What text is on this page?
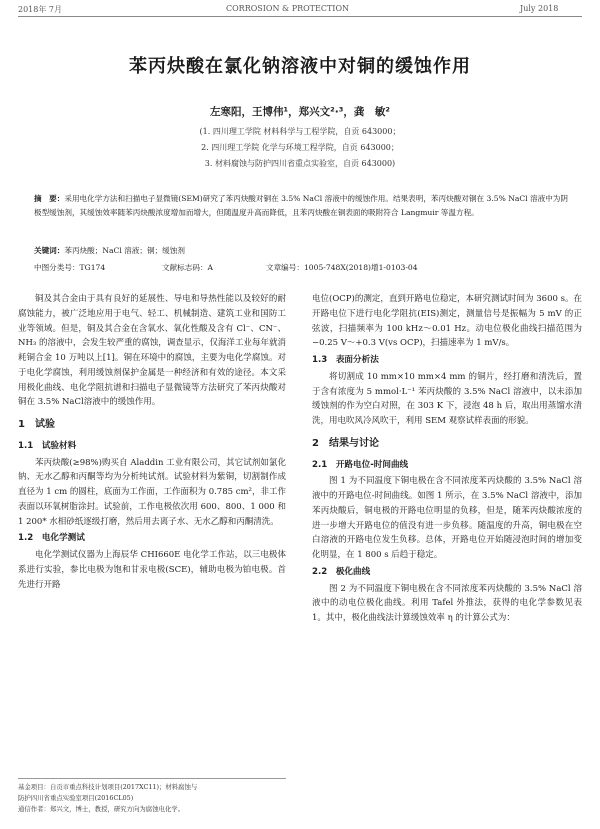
2018年 7月	CORROSION & PROTECTION	July 2018
苯丙炔酸在氯化钠溶液中对铜的缓蚀作用
左寒阳，王博伟¹，郑兴文²·³，龚　敏²
(1. 四川理工学院 材料科学与工程学院，自贡 643000；
2. 四川理工学院 化学与环境工程学院，自贡 643000；
3. 材料腐蚀与防护四川省重点实验室，自贡 643000)
摘　要：采用电化学方法和扫描电子显微镜(SEM)研究了苯丙炔酸对铜在 3.5% NaCl 溶液中的缓蚀作用。结果表明，苯丙炔酸对铜在 3.5% NaCl 溶液中为阴极型缓蚀剂，其缓蚀效率随苯丙炔酸浓度增加而增大，但随温度升高而降低，且苯丙炔酸在铜表面的吸附符合 Langmuir 等温方程。
关键词：苯丙炔酸；NaCl 溶液；铜；缓蚀剂
中图分类号：TG174	文献标志码：A	文章编号：1005-748X(2018)增1-0103-04

铜及其合金由于具有良好的延展性、导电和导热性能以及较好的耐腐蚀能力，被广泛地应用于电气、轻工、机械制造、建筑工业和国防工业等领域。但是，铜及其合金在含氧水、氧化性酸及含有 Cl⁻、CN⁻、NH₃ 的溶液中，会发生较严重的腐蚀，调查显示，仅海洋工业每年就消耗铜合金 10 万吨以上[1]。铜在环境中的腐蚀，主要为电化学腐蚀。对于电化学腐蚀，利用缓蚀剂保护金属是一种经济和有效的途径。本文采用极化曲线、电化学阻抗谱和扫描电子显微镜等方法研究了苯丙炔酸对铜在 3.5% NaCl溶液中的缓蚀作用。

1　试验
1.1　试验材料

苯丙炔酸(≥98%)购买自 Aladdin 工业有限公司，其它试剂如氯化钠、无水乙醇和丙酮等均为分析纯试剂。试验材料为紫铜，切割制作成直径为 1 cm 的圆柱，底面为工作面，工作面积为 0.785 cm²，非工作表面以环氧树脂涂封。试验前，工作电极依次用 600、800、1 000 和 1 200* 水相砂纸逐级打磨，然后用去离子水、无水乙醇和丙酮清洗。

1.2　电化学测试

电化学测试仪器为上海辰华 CHI660E 电化学工作站，以三电极体系进行实验，参比电极为饱和甘汞电极(SCE)，辅助电极为铂电极。首先进行开路

电位(OCP)的测定，直到开路电位稳定，本研究测试时间为 3600 s。在开路电位下进行电化学阻抗(EIS)测定，测量信号是振幅为 5 mV 的正弦波，扫描频率为 100 kHz～0.01 Hz。动电位极化曲线扫描范围为−0.25 V～+0.3 V(vs OCP)，扫描速率为 1 mV/s。

1.3　表面分析法

将切割成 10 mm×10 mm×4 mm 的铜片，经打磨和清洗后，置于含有浓度为 5 mmol·L⁻¹ 苯丙炔酸的 3.5% NaCl 溶液中，以未添加缓蚀剂的作为空白对照，在 303 K 下，浸泡 48 h 后，取出用蒸馏水清洗，用电吹风冷风吹干，利用 SEM 观察试样表面的形貌。

2　结果与讨论
2.1　开路电位-时间曲线

图 1 为不同温度下铜电极在含不同浓度苯丙炔酸的 3.5% NaCl 溶液中的开路电位-时间曲线。如图 1 所示，在 3.5% NaCl 溶液中，添加苯丙炔酸后，铜电极的开路电位明显的负移，但是，随苯丙炔酸浓度的进一步增大开路电位的值没有进一步负移。随温度的升高，铜电极在空白溶液的开路电位发生负移。总体，开路电位开始随浸泡时间的增加变化明显，在 1 800 s 后趋于稳定。

2.2　极化曲线

图 2 为不同温度下铜电极在含不同浓度苯丙炔酸的 3.5% NaCl 溶液中的动电位极化曲线。利用 Tafel 外推法，获得的电化学参数见表 1。其中，极化曲线法计算缓蚀效率 η 的计算公式为：

基金项目：自贡市重点科技计划项目(2017XC11)；材料腐蚀与
防护四川省重点实验室项目(2016CL05)
通信作者：郑兴文，博士，教授，研究方向为腐蚀电化学。
